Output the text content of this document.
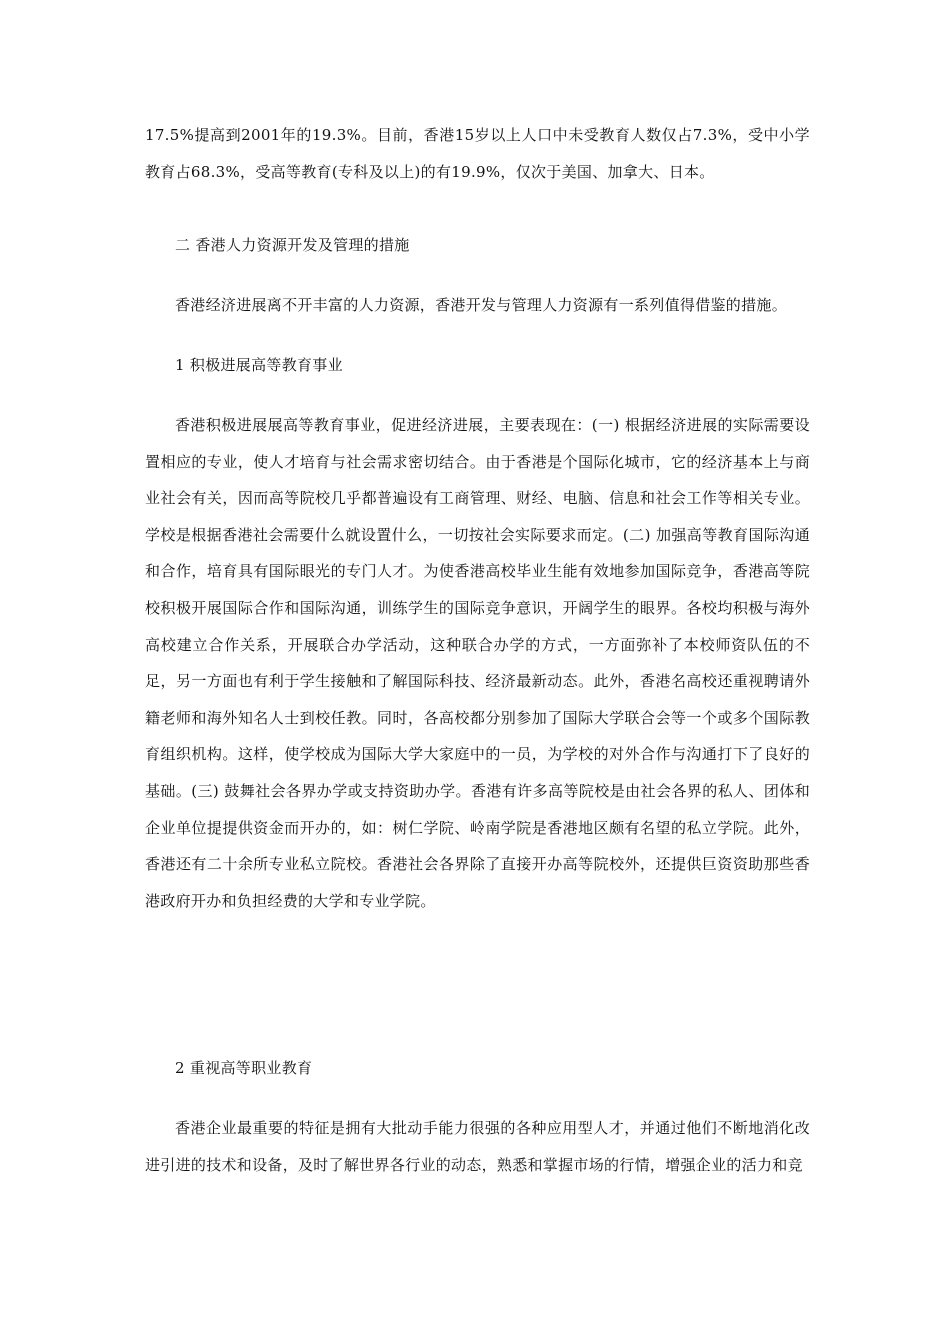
17.5%提高到2001年的19.3%。目前，香港15岁以上人口中未受教育人数仅占7.3%，受中小学教育占68.3%，受高等教育(专科及以上)的有19.9%，仅次于美国、加拿大、日本。
二 香港人力资源开发及管理的措施
香港经济进展离不开丰富的人力资源，香港开发与管理人力资源有一系列值得借鉴的措施。
1 积极进展高等教育事业
香港积极进展展高等教育事业，促进经济进展，主要表现在：(一) 根据经济进展的实际需要设置相应的专业，使人才培育与社会需求密切结合。由于香港是个国际化城市，它的经济基本上与商业社会有关，因而高等院校几乎都普遍设有工商管理、财经、电脑、信息和社会工作等相关专业。学校是根据香港社会需要什么就设置什么，一切按社会实际要求而定。(二) 加强高等教育国际沟通和合作，培育具有国际眼光的专门人才。为使香港高校毕业生能有效地参加国际竞争，香港高等院校积极开展国际合作和国际沟通，训练学生的国际竞争意识，开阔学生的眼界。各校均积极与海外高校建立合作关系，开展联合办学活动，这种联合办学的方式，一方面弥补了本校师资队伍的不足，另一方面也有利于学生接触和了解国际科技、经济最新动态。此外，香港名高校还重视聘请外籍老师和海外知名人士到校任教。同时，各高校都分别参加了国际大学联合会等一个或多个国际教育组织机构。这样，使学校成为国际大学大家庭中的一员，为学校的对外合作与沟通打下了良好的基础。(三) 鼓舞社会各界办学或支持资助办学。香港有许多高等院校是由社会各界的私人、团体和企业单位提提供资金而开办的，如：树仁学院、岭南学院是香港地区颇有名望的私立学院。此外，香港还有二十余所专业私立院校。香港社会各界除了直接开办高等院校外，还提供巨资资助那些香港政府开办和负担经费的大学和专业学院。
2 重视高等职业教育
香港企业最重要的特征是拥有大批动手能力很强的各种应用型人才，并通过他们不断地消化改进引进的技术和设备，及时了解世界各行业的动态，熟悉和掌握市场的行情，增强企业的活力和竞
